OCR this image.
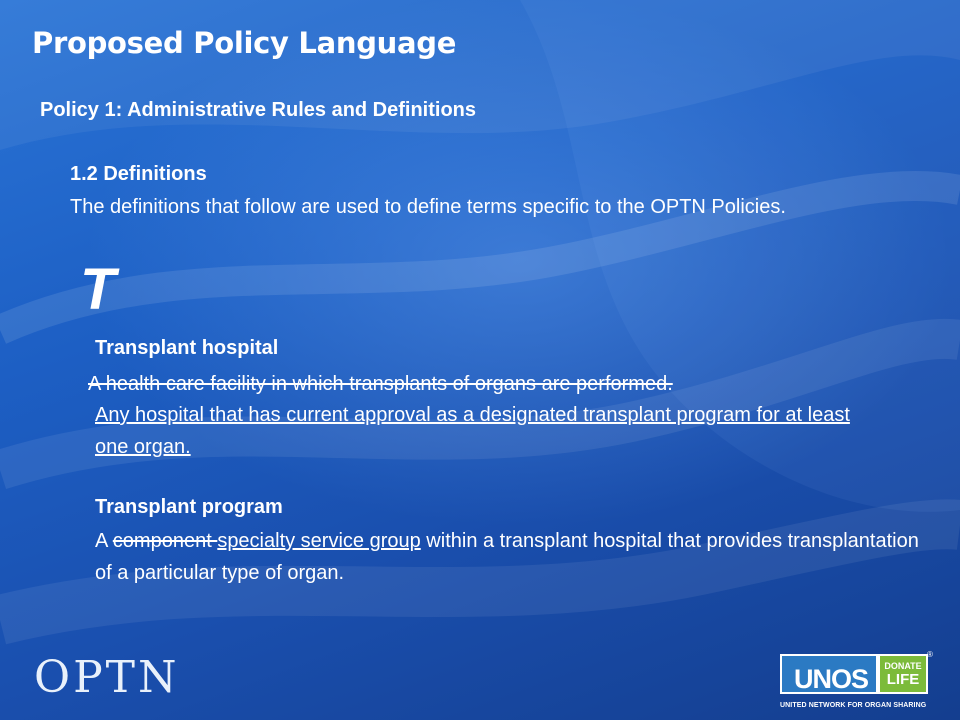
Proposed Policy Language
Policy 1: Administrative Rules and Definitions
1.2 Definitions
The definitions that follow are used to define terms specific to the OPTN Policies.
T
Transplant hospital
A health care facility in which transplants of organs are performed.
Any hospital that has current approval as a designated transplant program for at least one organ.
Transplant program
A component specialty service group within a transplant hospital that provides transplantation of a particular type of organ.
OPTN	UNOS	DONATE
LIFE
®
UNITED NETWORK FOR ORGAN SHARING
